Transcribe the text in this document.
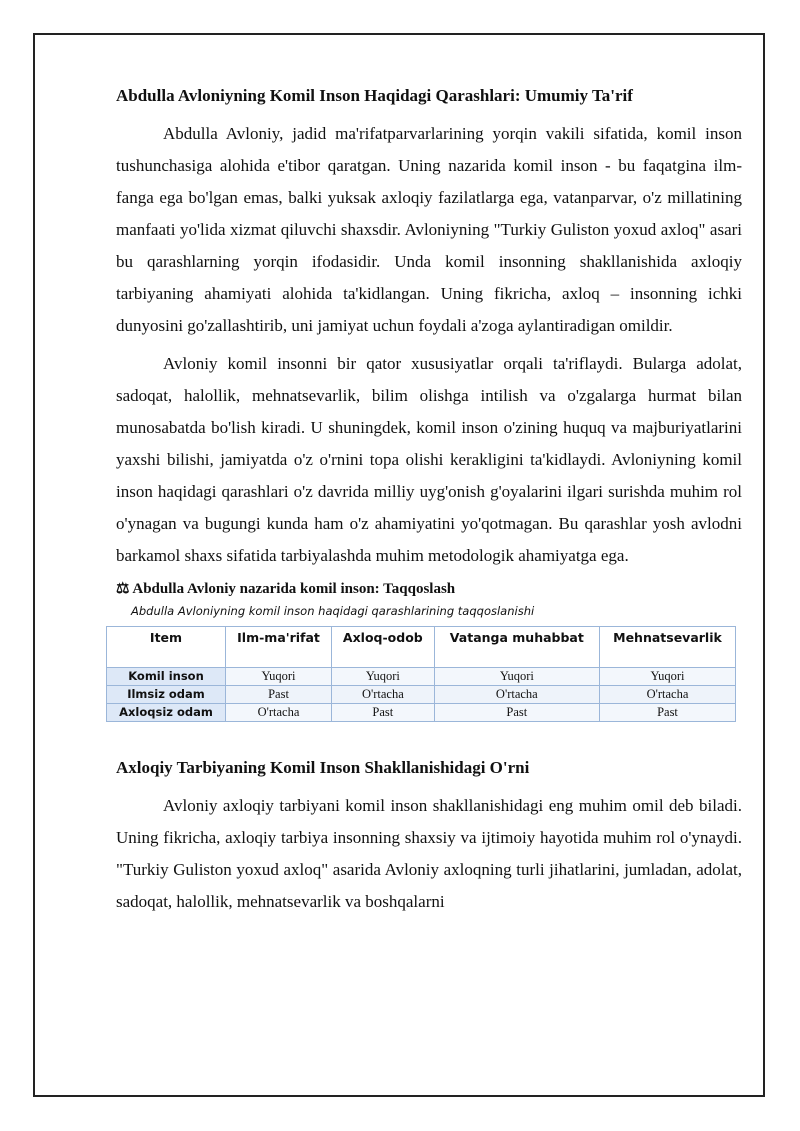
Abdulla Avloniyning Komil Inson Haqidagi Qarashlari: Umumiy Ta'rif

Abdulla Avloniy, jadid ma'rifatparvarlarining yorqin vakili sifatida, komil inson tushunchasiga alohida e'tibor qaratgan. Uning nazarida komil inson - bu faqatgina ilm-fanga ega bo'lgan emas, balki yuksak axloqiy fazilatlarga ega, vatanparvar, o'z millatining manfaati yo'lida xizmat qiluvchi shaxsdir. Avloniyning "Turkiy Guliston yoxud axloq" asari bu qarashlarning yorqin ifodasidir. Unda komil insonning shakllanishida axloqiy tarbiyaning ahamiyati alohida ta'kidlangan. Uning fikricha, axloq – insonning ichki dunyosini go'zallashtirib, uni jamiyat uchun foydali a'zoga aylantiradigan omildir.

Avloniy komil insonni bir qator xususiyatlar orqali ta'riflaydi. Bularga adolat, sadoqat, halollik, mehnatsevarlik, bilim olishga intilish va o'zgalarga hurmat bilan munosabatda bo'lish kiradi. U shuningdek, komil inson o'zining huquq va majburiyatlarini yaxshi bilishi, jamiyatda o'z o'rnini topa olishi kerakligini ta'kidlaydi. Avloniyning komil inson haqidagi qarashlari o'z davrida milliy uyg'onish g'oyalarini ilgari surishda muhim rol o'ynagan va bugungi kunda ham o'z ahamiyatini yo'qotmagan. Bu qarashlar yosh avlodni barkamol shaxs sifatida tarbiyalashda muhim metodologik ahamiyatga ega.

⚖ Abdulla Avloniy nazarida komil inson: Taqqoslash
Abdulla Avloniyning komil inson haqidagi qarashlarining taqqoslanishi
Item	Ilm-ma'rifat	Axloq-odob	Vatanga muhabbat	Mehnatsevarlik
Komil inson	Yuqori	Yuqori	Yuqori	Yuqori
Ilmsiz odam	Past	O'rtacha	O'rtacha	O'rtacha
Axloqsiz odam	O'rtacha	Past	Past	Past
Axloqiy Tarbiyaning Komil Inson Shakllanishidagi O'rni

Avloniy axloqiy tarbiyani komil inson shakllanishidagi eng muhim omil deb biladi. Uning fikricha, axloqiy tarbiya insonning shaxsiy va ijtimoiy hayotida muhim rol o'ynaydi. "Turkiy Guliston yoxud axloq" asarida Avloniy axloqning turli jihatlarini, jumladan, adolat, sadoqat, halollik, mehnatsevarlik va boshqalarni
